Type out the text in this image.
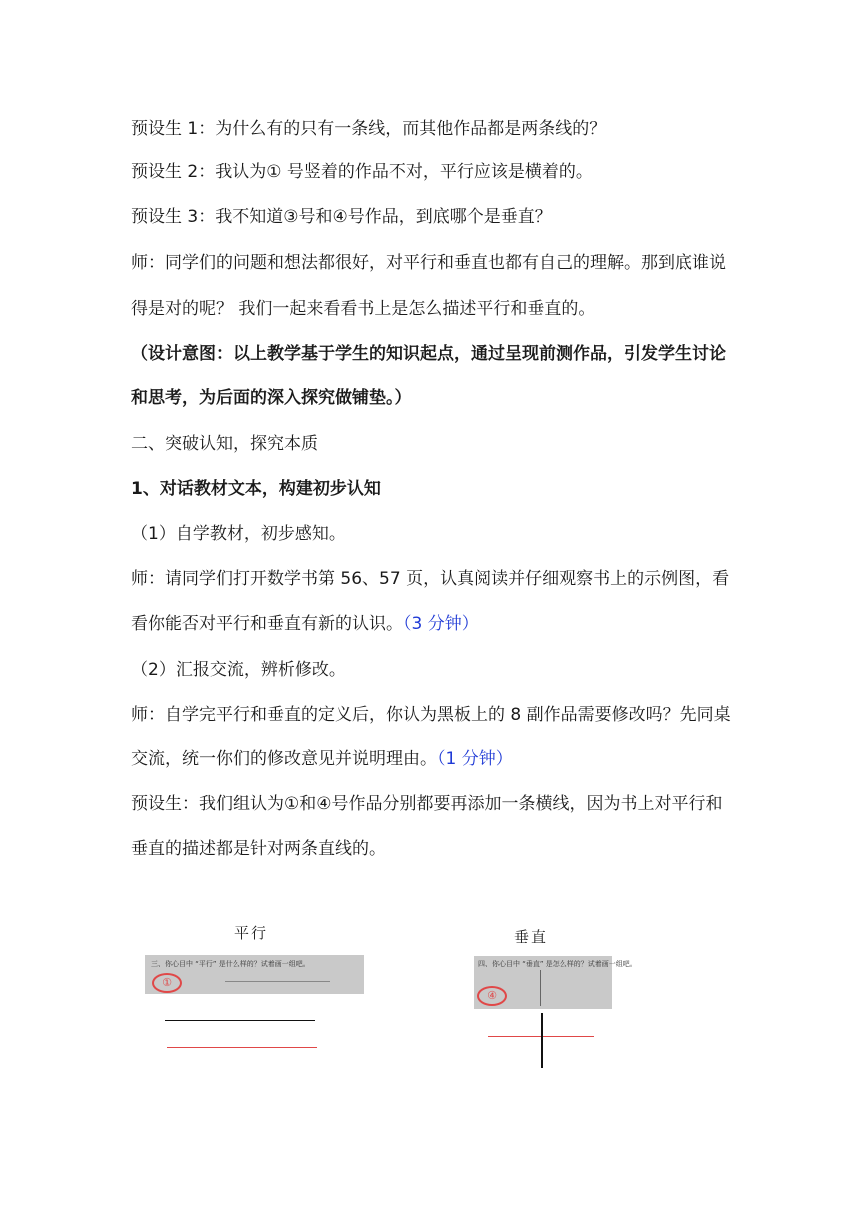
预设生 1：为什么有的只有一条线，而其他作品都是两条线的？
预设生 2：我认为① 号竖着的作品不对，平行应该是横着的。
预设生 3：我不知道③号和④号作品，到底哪个是垂直？
师：同学们的问题和想法都很好，对平行和垂直也都有自己的理解。那到底谁说
得是对的呢？ 我们一起来看看书上是怎么描述平行和垂直的。
（设计意图：以上教学基于学生的知识起点，通过呈现前测作品，引发学生讨论
和思考，为后面的深入探究做铺垫。）
二、突破认知，探究本质
1、对话教材文本，构建初步认知
（1）自学教材，初步感知。
师：请同学们打开数学书第 56、57 页，认真阅读并仔细观察书上的示例图，看
看你能否对平行和垂直有新的认识。（3 分钟）
（2）汇报交流，辨析修改。
师：自学完平行和垂直的定义后，你认为黑板上的 8 副作品需要修改吗？先同桌
交流，统一你们的修改意见并说明理由。（1 分钟）
预设生：我们组认为①和④号作品分别都要再添加一条横线，因为书上对平行和
垂直的描述都是针对两条直线的。
平行
三、你心目中 “平行” 是什么样的？试着画一组吧。
①
垂直
四、你心目中 “垂直” 是怎么样的？试着画一组吧。
④
